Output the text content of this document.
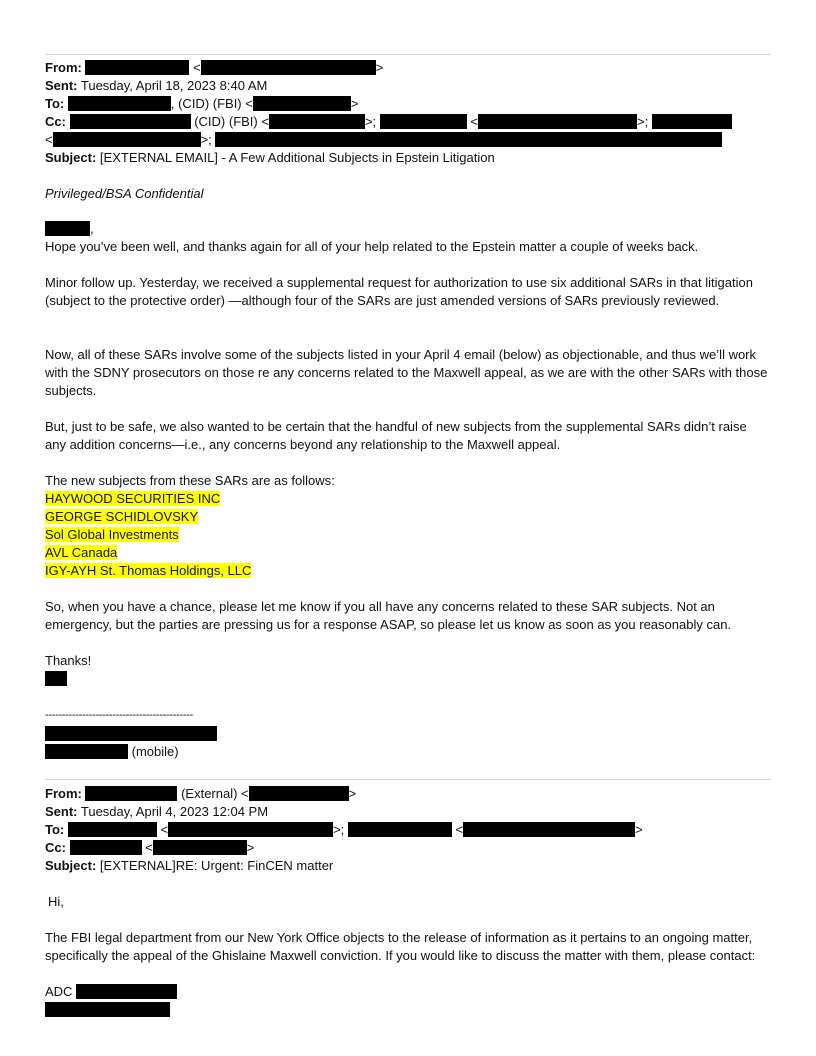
From:	<	>
Sent: Tuesday, April 18, 2023 8:40 AM
To:	, (CID) (FBI) <	>
Cc:	(CID) (FBI) <	>;	<	>;
<	>;
Subject: [EXTERNAL EMAIL] - A Few Additional Subjects in Epstein Litigation
Privileged/BSA Confidential
,
Hope you’ve been well, and thanks again for all of your help related to the Epstein matter a couple of weeks back.
Minor follow up. Yesterday, we received a supplemental request for authorization to use six additional SARs in that litigation (subject to the protective order) —although four of the SARs are just amended versions of SARs previously reviewed.
Now, all of these SARs involve some of the subjects listed in your April 4 email (below) as objectionable, and thus we’ll work with the SDNY prosecutors on those re any concerns related to the Maxwell appeal, as we are with the other SARs with those subjects.
But, just to be safe, we also wanted to be certain that the handful of new subjects from the supplemental SARs didn’t raise any addition concerns—i.e., any concerns beyond any relationship to the Maxwell appeal.
The new subjects from these SARs are as follows:
HAYWOOD SECURITIES INC
GEORGE SCHIDLOVSKY
Sol Global Investments
AVL Canada
IGY-AYH St. Thomas Holdings, LLC
So, when you have a chance, please let me know if you all have any concerns related to these SAR subjects. Not an emergency, but the parties are pressing us for a response ASAP, so please let us know as soon as you reasonably can.
Thanks!
--------------------------------------------
(mobile)
From:	(External) <	>
Sent: Tuesday, April 4, 2023 12:04 PM
To:	<	>;	<	>
Cc:	<	>
Subject: [EXTERNAL]RE: Urgent: FinCEN matter
Hi,
The FBI legal department from our New York Office objects to the release of information as it pertains to an ongoing matter, specifically the appeal of the Ghislaine Maxwell conviction. If you would like to discuss the matter with them, please contact:
ADC
